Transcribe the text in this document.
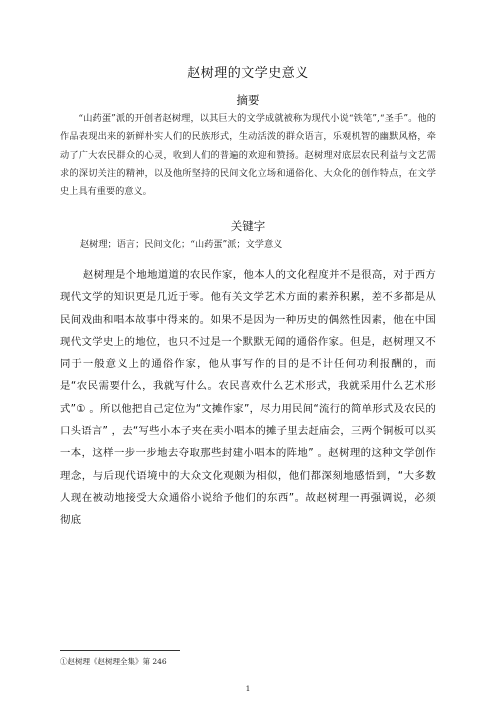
赵树理的文学史意义
摘要

“山药蛋”派的开创者赵树理，以其巨大的文学成就被称为现代小说“铁笔”,“圣手”。他的作品表现出来的新鲜朴实人们的民族形式，生动活泼的群众语言，乐观机智的幽默风格，牵动了广大农民群众的心灵，收到人们的普遍的欢迎和赞扬。赵树理对底层农民利益与文艺需求的深切关注的精神，以及他所坚持的民间文化立场和通俗化、大众化的创作特点，在文学史上具有重要的意义。

关键字

赵树理；语言；民间文化；“山药蛋”派；文学意义

赵树理是个地地道道的农民作家，他本人的文化程度并不是很高，对于西方现代文学的知识更是几近于零。他有关文学艺术方面的素养积累，差不多都是从民间戏曲和唱本故事中得来的。如果不是因为一种历史的偶然性因素，他在中国现代文学史上的地位，也只不过是一个默默无闻的通俗作家。但是，赵树理又不同于一般意义上的通俗作家，他从事写作的目的是不计任何功利报酬的，而是“农民需要什么，我就写什么。农民喜欢什么艺术形式，我就采用什么艺术形式”① 。所以他把自己定位为“文摊作家”，尽力用民间“流行的简单形式及农民的口头语言” ，去“写些小本子夹在卖小唱本的摊子里去赶庙会，三两个铜板可以买一本，这样一步一步地去夺取那些封建小唱本的阵地” 。赵树理的这种文学创作理念，与后现代语境中的大众文化观颇为相似，他们都深刻地感悟到，“大多数人现在被动地接受大众通俗小说给予他们的东西”。故赵树理一再强调说，必须彻底

①赵树理《赵树理全集》第 246

1
